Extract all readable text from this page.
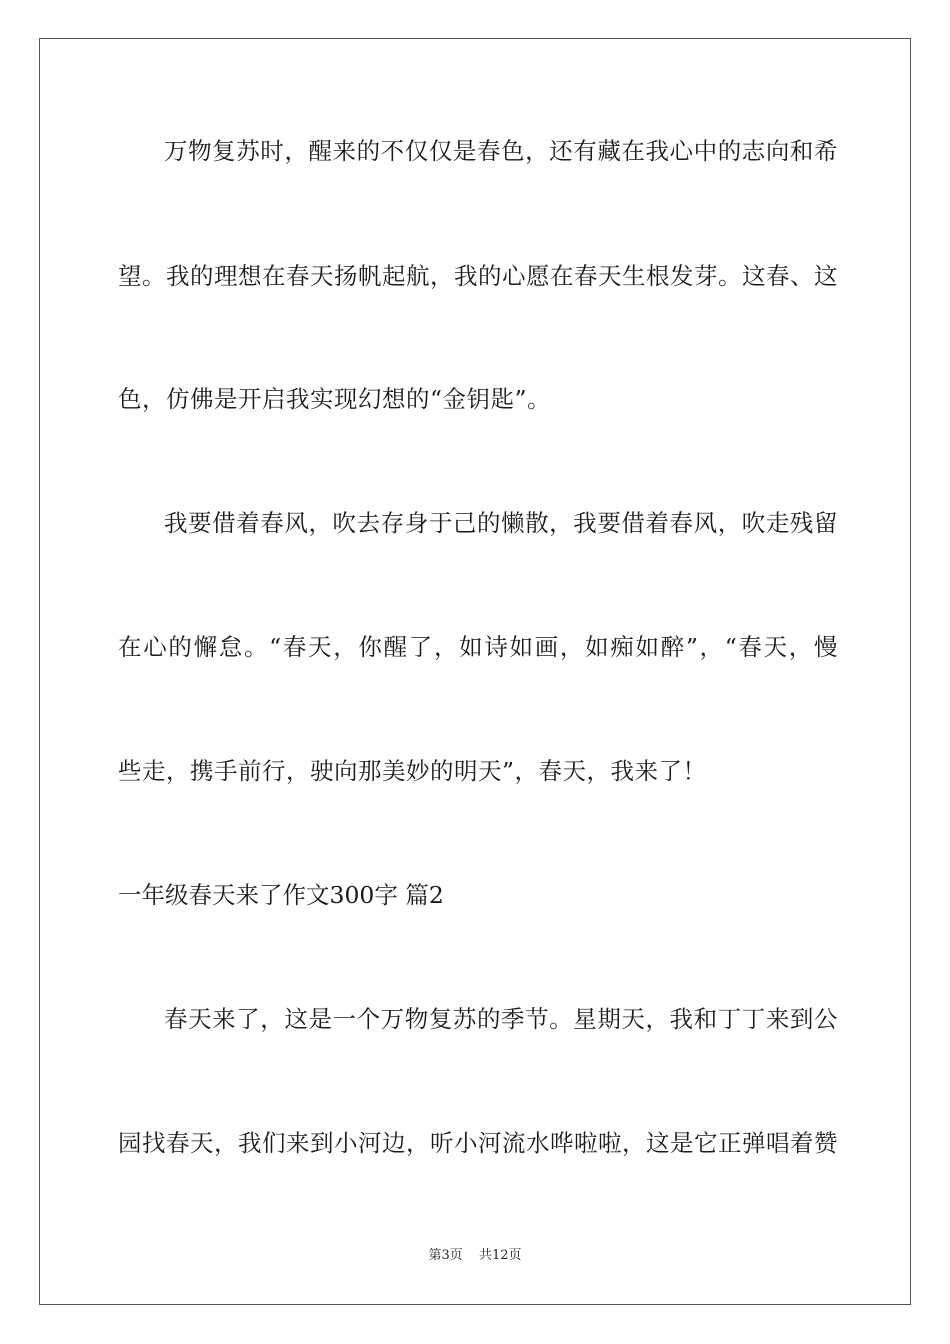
万物复苏时，醒来的不仅仅是春色，还有藏在我心中的志向和希
望。我的理想在春天扬帆起航，我的心愿在春天生根发芽。这春、这
色，仿佛是开启我实现幻想的“金钥匙”。
我要借着春风，吹去存身于己的懒散，我要借着春风，吹走残留
在心的懈怠。“春天，你醒了，如诗如画，如痴如醉”，“春天，慢
些走，携手前行，驶向那美妙的明天”，春天，我来了！
一年级春天来了作文300字 篇2
春天来了，这是一个万物复苏的季节。星期天，我和丁丁来到公
园找春天，我们来到小河边，听小河流水哗啦啦，这是它正弹唱着赞
第3页 共12页
